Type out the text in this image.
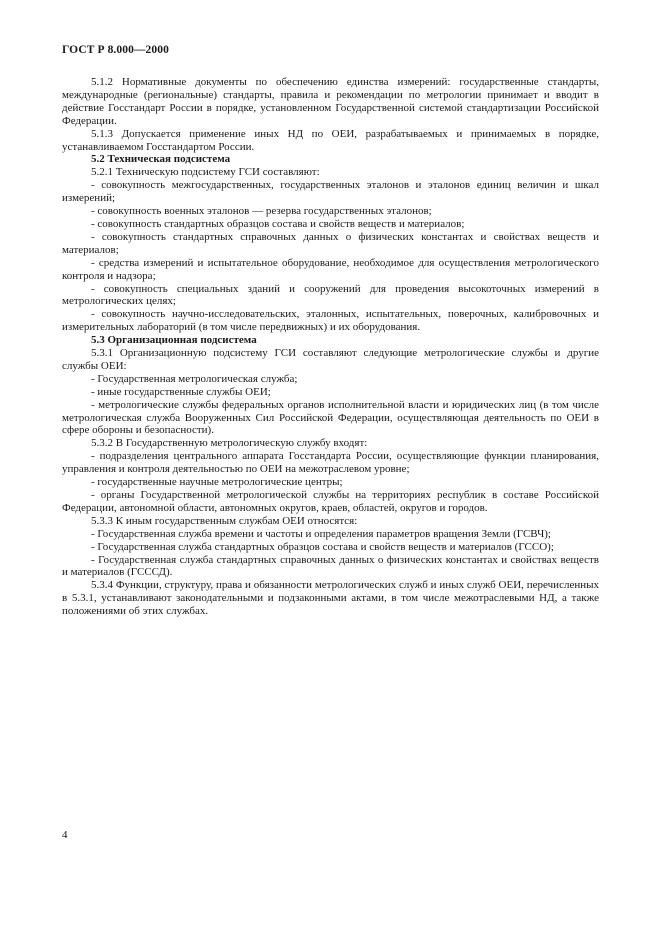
ГОСТ Р 8.000—2000

5.1.2 Нормативные документы по обеспечению единства измерений: государственные стандарты, международные (региональные) стандарты, правила и рекомендации по метрологии принимает и вводит в действие Госстандарт России в порядке, установленном Государственной системой стандартизации Российской Федерации.

5.1.3 Допускается применение иных НД по ОЕИ, разрабатываемых и принимаемых в порядке, устанавливаемом Госстандартом России.

5.2 Техническая подсистема

5.2.1 Техническую подсистему ГСИ составляют:

- совокупность межгосударственных, государственных эталонов и эталонов единиц величин и шкал измерений;

- совокупность военных эталонов — резерва государственных эталонов;

- совокупность стандартных образцов состава и свойств веществ и материалов;

- совокупность стандартных справочных данных о физических константах и свойствах веществ и материалов;

- средства измерений и испытательное оборудование, необходимое для осуществления метрологического контроля и надзора;

- совокупность специальных зданий и сооружений для проведения высокоточных измерений в метрологических целях;

- совокупность научно-исследовательских, эталонных, испытательных, поверочных, калибровочных и измерительных лабораторий (в том числе передвижных) и их оборудования.

5.3 Организационная подсистема

5.3.1 Организационную подсистему ГСИ составляют следующие метрологические службы и другие службы ОЕИ:

- Государственная метрологическая служба;

- иные государственные службы ОЕИ;

- метрологические службы федеральных органов исполнительной власти и юридических лиц (в том числе метрологическая служба Вооруженных Сил Российской Федерации, осуществляющая деятельность по ОЕИ в сфере обороны и безопасности).

5.3.2 В Государственную метрологическую службу входят:

- подразделения центрального аппарата Госстандарта России, осуществляющие функции планирования, управления и контроля деятельностью по ОЕИ на межотраслевом уровне;

- государственные научные метрологические центры;

- органы Государственной метрологической службы на территориях республик в составе Российской Федерации, автономной области, автономных округов, краев, областей, округов и городов.

5.3.3 К иным государственным службам ОЕИ относятся:

- Государственная служба времени и частоты и определения параметров вращения Земли (ГСВЧ);

- Государственная служба стандартных образцов состава и свойств веществ и материалов (ГССО);

- Государственная служба стандартных справочных данных о физических константах и свойствах веществ и материалов (ГСССД).

5.3.4 Функции, структуру, права и обязанности метрологических служб и иных служб ОЕИ, перечисленных в 5.3.1, устанавливают законодательными и подзаконными актами, в том числе межотраслевыми НД, а также положениями об этих службах.

4
